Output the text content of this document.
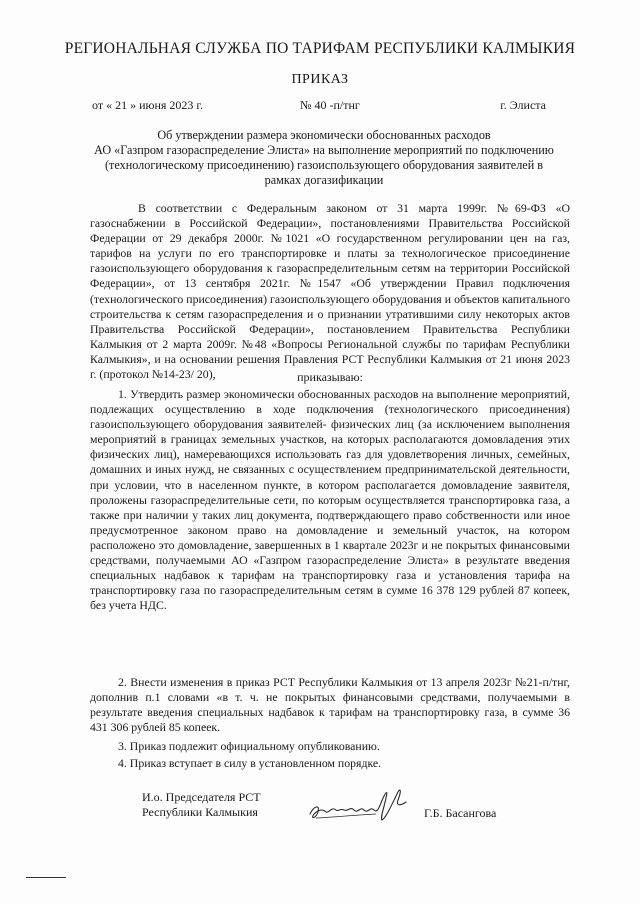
РЕГИОНАЛЬНАЯ СЛУЖБА ПО ТАРИФАМ РЕСПУБЛИКИ КАЛМЫКИЯ
ПРИКАЗ
от « 21 » июня 2023 г.	№ 40 -п/тнг	г. Элиста
Об утверждении размера экономически обоснованных расходов
АО «Газпром газораспределение Элиста» на выполнение мероприятий по подключению
(технологическому присоединению) газоиспользующего оборудования заявителей в
рамках догазификации
В соответствии с Федеральным законом от 31 марта 1999г. №69-ФЗ «О газоснабжении в Российской Федерации», постановлениями Правительства Российской Федерации от 29 декабря 2000г. №1021 «О государственном регулировании цен на газ, тарифов на услуги по его транспортировке и платы за технологическое присоединение газоиспользующего оборудования к газораспределительным сетям на территории Российской Федерации», от 13 сентября 2021г. №1547 «Об утверждении Правил подключения (технологического присоединения) газоиспользующего оборудования и объектов капитального строительства к сетям газораспределения и о признании утратившими силу некоторых актов Правительства Российской Федерации», постановлением Правительства Республики Калмыкия от 2 марта 2009г. №48 «Вопросы Региональной службы по тарифам Республики Калмыкия», и на основании решения Правления РСТ Республики Калмыкия от 21 июня 2023 г. (протокол №14-23/ 20),	приказываю:
1. Утвердить размер экономически обоснованных расходов на выполнение мероприятий, подлежащих осуществлению в ходе подключения (технологического присоединения) газоиспользующего оборудования заявителей- физических лиц (за исключением выполнения мероприятий в границах земельных участков, на которых располагаются домовладения этих физических лиц), намеревающихся использовать газ для удовлетворения личных, семейных, домашних и иных нужд, не связанных с осуществлением предпринимательской деятельности, при условии, что в населенном пункте, в котором располагается домовладение заявителя, проложены газораспределительные сети, по которым осуществляется транспортировка газа, а также при наличии у таких лиц документа, подтверждающего право собственности или иное предусмотренное законом право на домовладение и земельный участок, на котором расположено это домовладение, завершенных в 1 квартале 2023г и не покрытых финансовыми средствами, получаемыми АО «Газпром газораспределение Элиста» в результате введения специальных надбавок к тарифам на транспортировку газа и установления тарифа на транспортировку газа по газораспределительным сетям в сумме 16 378 129 рублей 87 копеек, без учета НДС.
2. Внести изменения в приказ РСТ Республики Калмыкия от 13 апреля 2023г №21-п/тнг, дополнив п.1 словами «в т. ч. не покрытых финансовыми средствами, получаемыми в результате введения специальных надбавок к тарифам на транспортировку газа, в сумме 36 431 306 рублей 85 копеек.
3. Приказ подлежит официальному опубликованию.
4. Приказ вступает в силу в установленном порядке.
И.о. Председателя РСТ
Республики Калмыкия	Г.Б. Басангова
